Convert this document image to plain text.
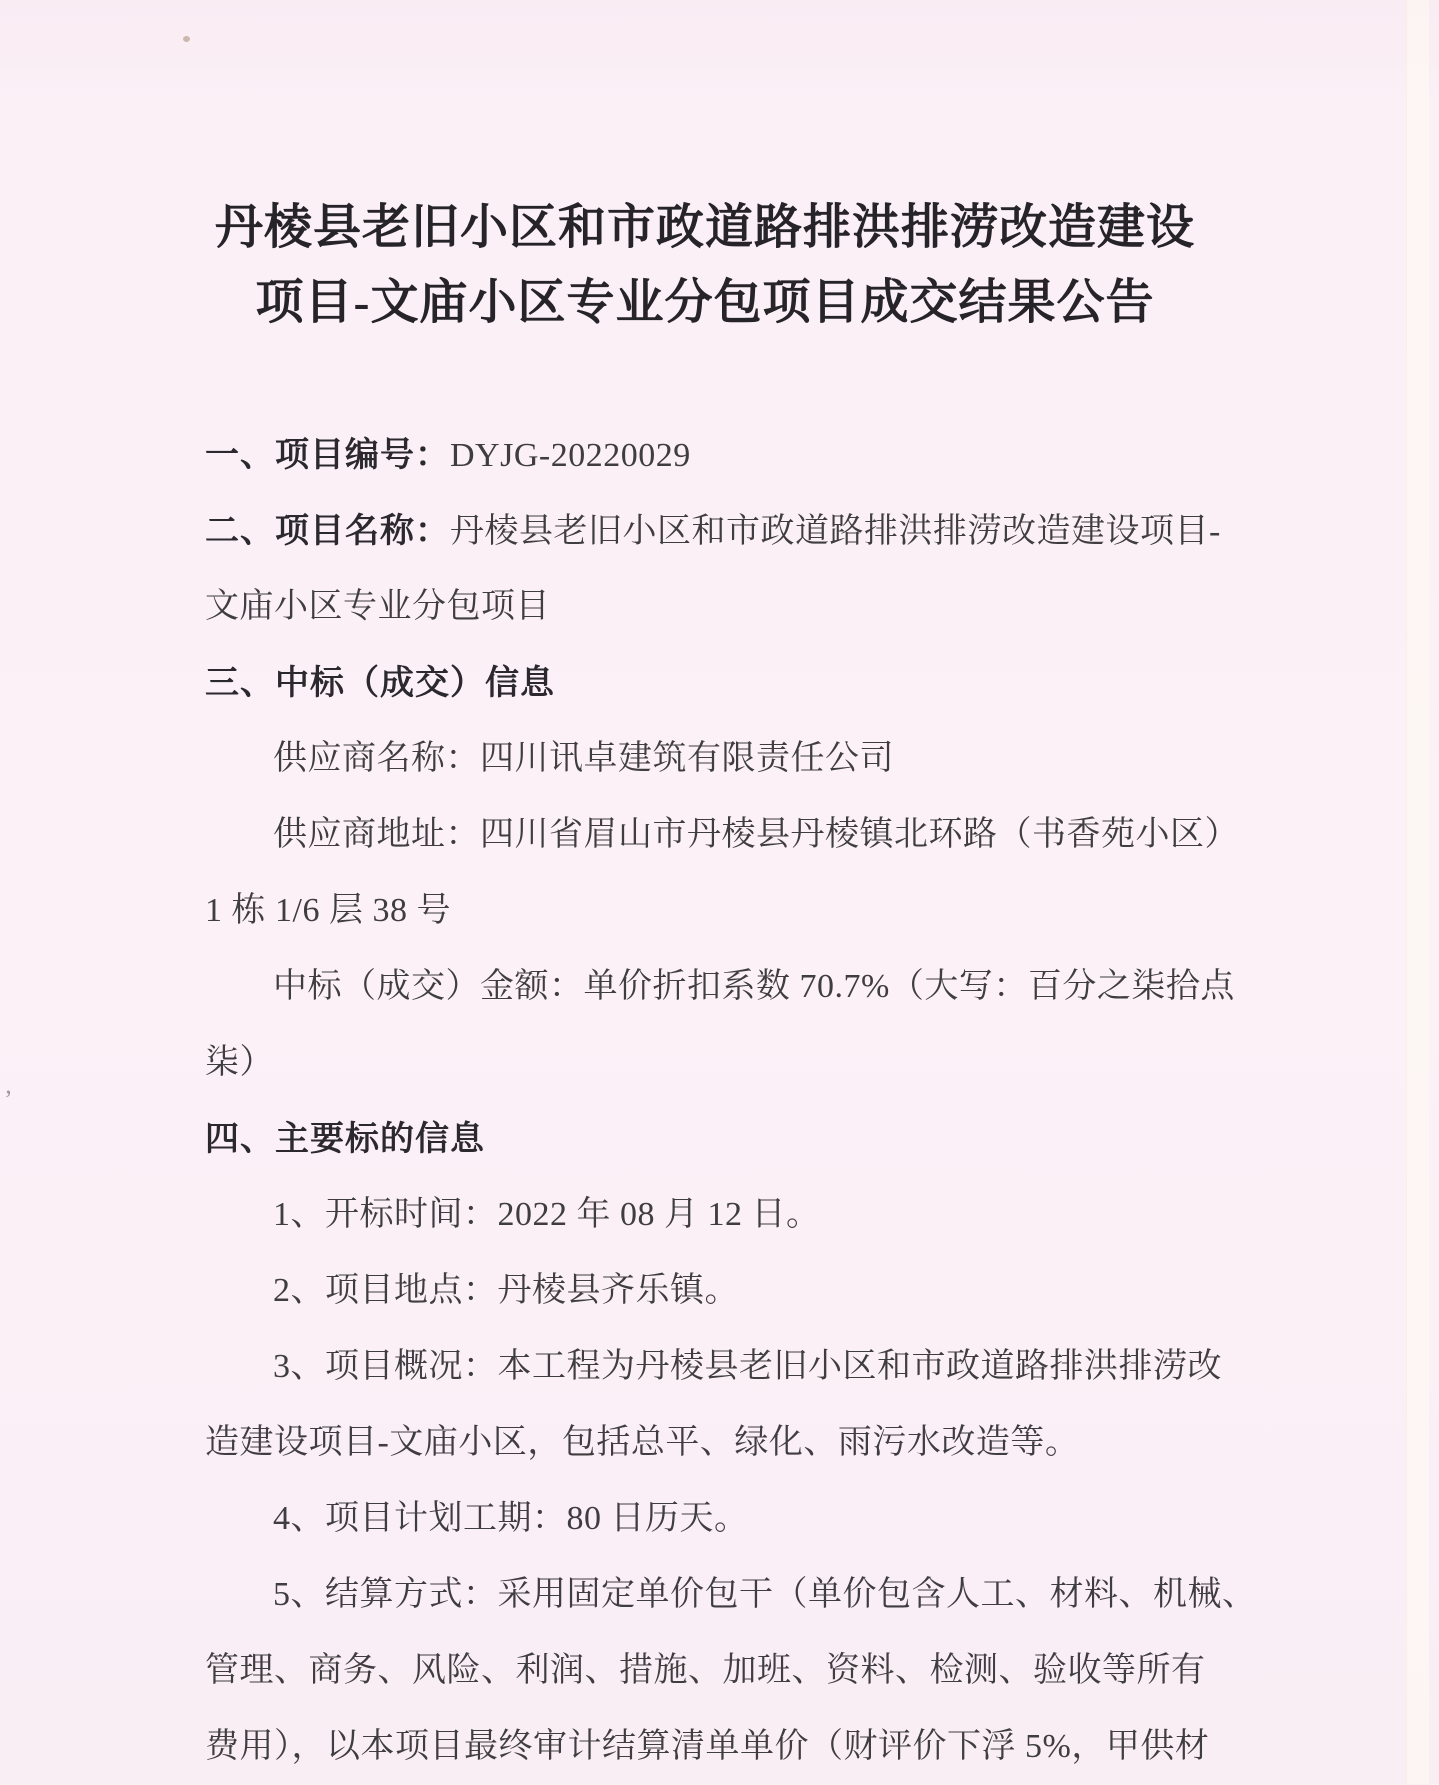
’
丹棱县老旧小区和市政道路排洪排涝改造建设
项目-文庙小区专业分包项目成交结果公告
一、项目编号：DYJG-20220029
二、项目名称：丹棱县老旧小区和市政道路排洪排涝改造建设项目-
文庙小区专业分包项目
三、中标（成交）信息
供应商名称：四川讯卓建筑有限责任公司
供应商地址：四川省眉山市丹棱县丹棱镇北环路（书香苑小区）
1 栋 1/6 层 38 号
中标（成交）金额：单价折扣系数 70.7%（大写：百分之柒拾点
柒）
四、主要标的信息
1、开标时间：2022 年 08 月 12 日。
2、项目地点：丹棱县齐乐镇。
3、项目概况：本工程为丹棱县老旧小区和市政道路排洪排涝改
造建设项目-文庙小区，包括总平、绿化、雨污水改造等。
4、项目计划工期：80 日历天。
5、结算方式：采用固定单价包干（单价包含人工、材料、机械、
管理、商务、风险、利润、措施、加班、资料、检测、验收等所有
费用），以本项目最终审计结算清单单价（财评价下浮 5%，甲供材
